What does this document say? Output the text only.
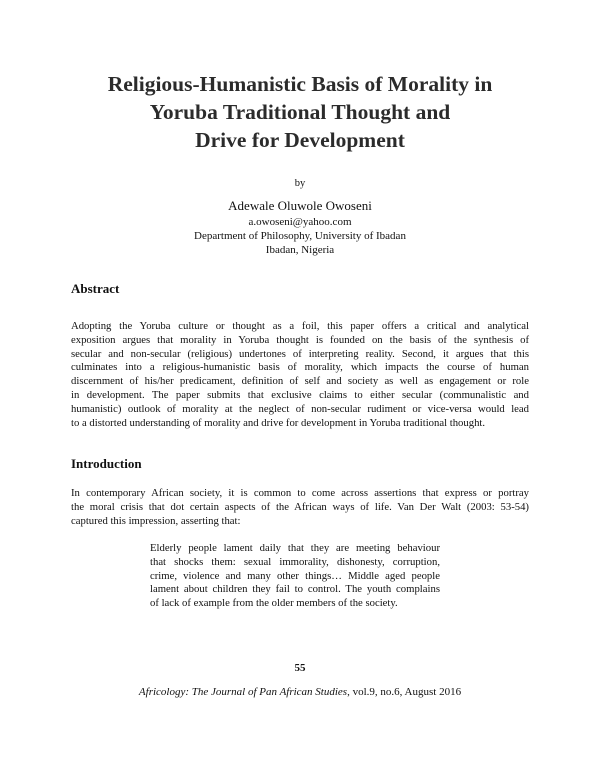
Religious-Humanistic Basis of Morality in
Yoruba Traditional Thought and
Drive for Development
by
Adewale Oluwole Owoseni
a.owoseni@yahoo.com
Department of Philosophy, University of Ibadan
Ibadan, Nigeria
Abstract
Adopting the Yoruba culture or thought as a foil, this paper offers a critical and analytical
exposition argues that morality in Yoruba thought is founded on the basis of the synthesis of
secular and non-secular (religious) undertones of interpreting reality. Second, it argues that this
culminates into a religious-humanistic basis of morality, which impacts the course of human
discernment of his/her predicament, definition of self and society as well as engagement or role
in development. The paper submits that exclusive claims to either secular (communalistic and
humanistic) outlook of morality at the neglect of non-secular rudiment or vice-versa would lead
to a distorted understanding of morality and drive for development in Yoruba traditional thought.
Introduction
In contemporary African society, it is common to come across assertions that express or portray
the moral crisis that dot certain aspects of the African ways of life. Van Der Walt (2003: 53-54)
captured this impression, asserting that:
Elderly people lament daily that they are meeting behaviour
that shocks them: sexual immorality, dishonesty, corruption,
crime, violence and many other things… Middle aged people
lament about children they fail to control. The youth complains
of lack of example from the older members of the society.
55
Africology: The Journal of Pan African Studies, vol.9, no.6, August 2016
